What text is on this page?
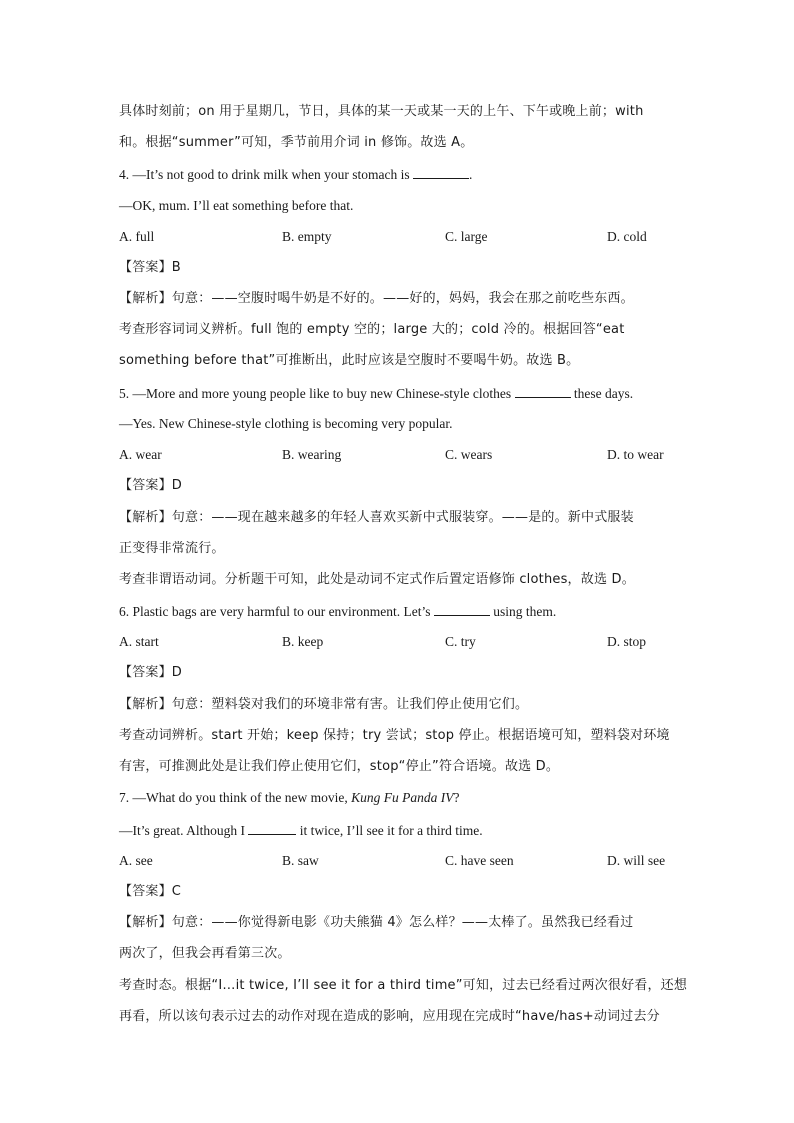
具体时刻前；on 用于星期几，节日，具体的某一天或某一天的上午、下午或晚上前；with
和。根据“summer”可知，季节前用介词 in 修饰。故选 A。
4. —It’s not good to drink milk when your stomach is	.
—OK, mum. I’ll eat something before that.
A. full	B. empty	C. large	D. cold
【答案】B
【解析】句意：——空腹时喝牛奶是不好的。——好的，妈妈，我会在那之前吃些东西。
考查形容词词义辨析。full 饱的 empty 空的；large 大的；cold 冷的。根据回答“eat
something before that”可推断出，此时应该是空腹时不要喝牛奶。故选 B。
5. —More and more young people like to buy new Chinese-style clothes	these days.
—Yes. New Chinese-style clothing is becoming very popular.
A. wear	B. wearing	C. wears	D. to wear
【答案】D
【解析】句意：——现在越来越多的年轻人喜欢买新中式服装穿。——是的。新中式服装
正变得非常流行。
考查非谓语动词。分析题干可知，此处是动词不定式作后置定语修饰 clothes，故选 D。
6. Plastic bags are very harmful to our environment. Let’s	using them.
A. start	B. keep	C. try	D. stop
【答案】D
【解析】句意：塑料袋对我们的环境非常有害。让我们停止使用它们。
考查动词辨析。start 开始；keep 保持；try 尝试；stop 停止。根据语境可知，塑料袋对环境
有害，可推测此处是让我们停止使用它们，stop“停止”符合语境。故选 D。
7. —What do you think of the new movie, Kung Fu Panda IV?
—It’s great. Although I	it twice, I’ll see it for a third time.
A. see	B. saw	C. have seen	D. will see
【答案】C
【解析】句意：——你觉得新电影《功夫熊猫 4》怎么样？——太棒了。虽然我已经看过
两次了，但我会再看第三次。
考查时态。根据“I…it twice, I’ll see it for a third time”可知，过去已经看过两次很好看，还想
再看，所以该句表示过去的动作对现在造成的影响，应用现在完成时“have/has+动词过去分
